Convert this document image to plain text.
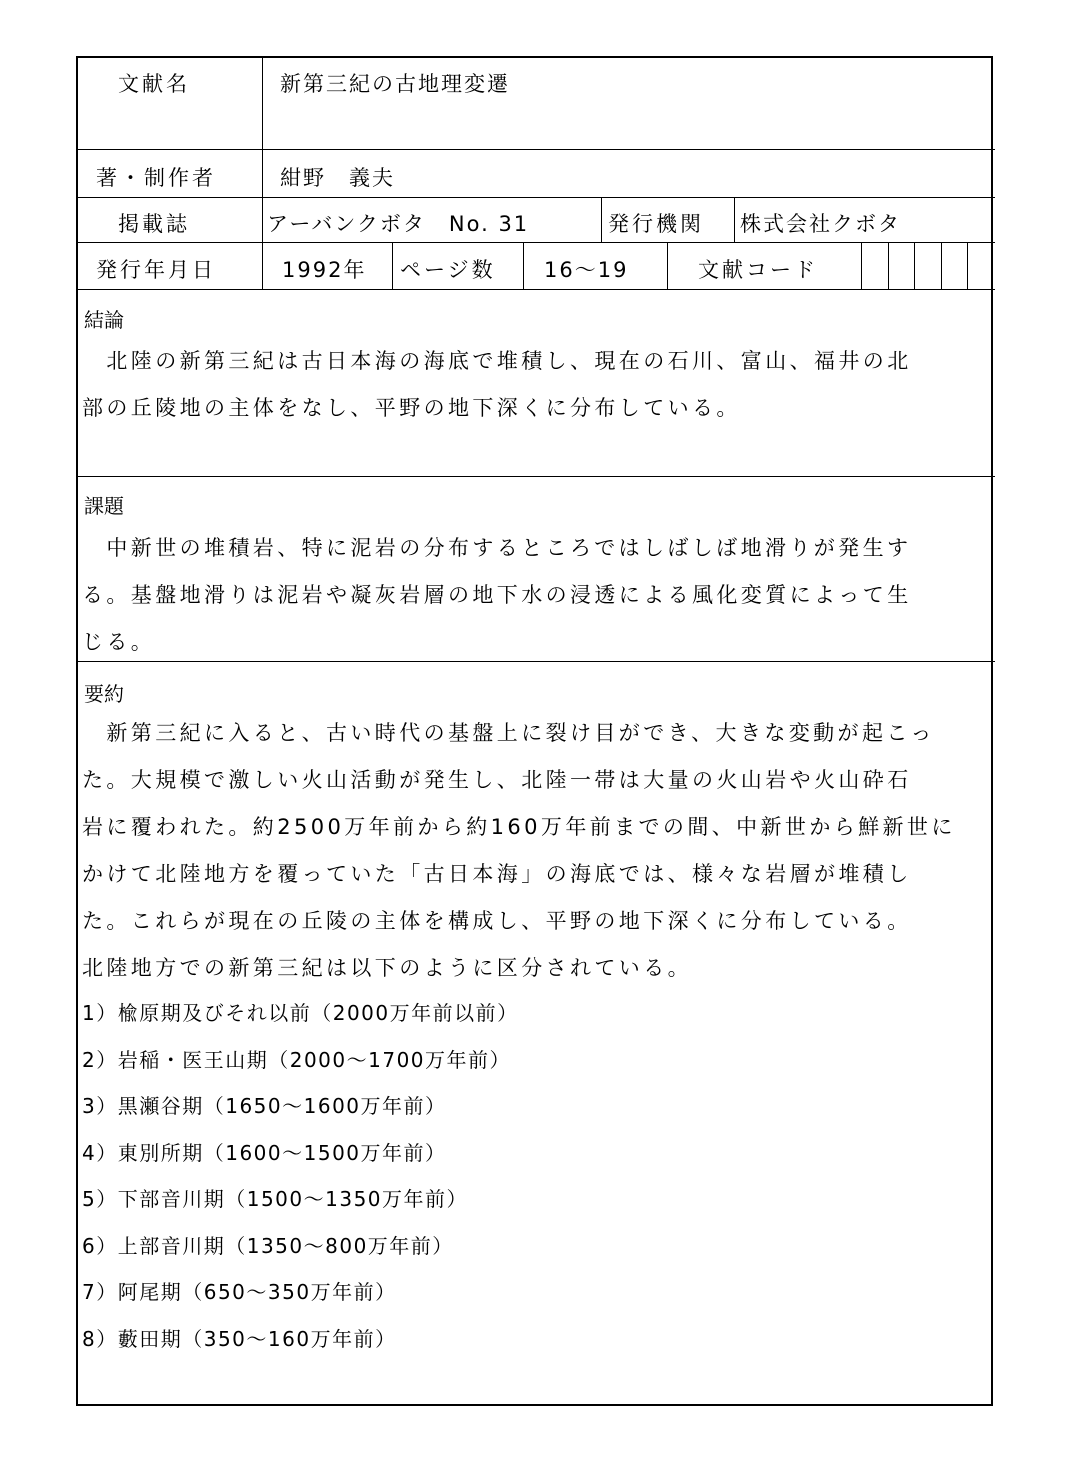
文献名	新第三紀の古地理変遷
著・制作者	紺野　義夫
掲載誌	アーバンクボタ　No. 31	発行機関 株式会社クボタ
発行年月日	1992年 ページ数 16～19	文献コード
結論
　北陸の新第三紀は古日本海の海底で堆積し、現在の石川、富山、福井の北
部の丘陵地の主体をなし、平野の地下深くに分布している。
課題
　中新世の堆積岩、特に泥岩の分布するところではしばしば地滑りが発生す
る。基盤地滑りは泥岩や凝灰岩層の地下水の浸透による風化変質によって生
じる。
要約
　新第三紀に入ると、古い時代の基盤上に裂け目ができ、大きな変動が起こっ
た。大規模で激しい火山活動が発生し、北陸一帯は大量の火山岩や火山砕石
岩に覆われた。約2500万年前から約160万年前までの間、中新世から鮮新世に
かけて北陸地方を覆っていた「古日本海」の海底では、様々な岩層が堆積し
た。これらが現在の丘陵の主体を構成し、平野の地下深くに分布している。
北陸地方での新第三紀は以下のように区分されている。
1）楡原期及びそれ以前（2000万年前以前）
2）岩稲・医王山期（2000～1700万年前）
3）黒瀬谷期（1650～1600万年前）
4）東別所期（1600～1500万年前）
5）下部音川期（1500～1350万年前）
6）上部音川期（1350～800万年前）
7）阿尾期（650～350万年前）
8）藪田期（350～160万年前）
